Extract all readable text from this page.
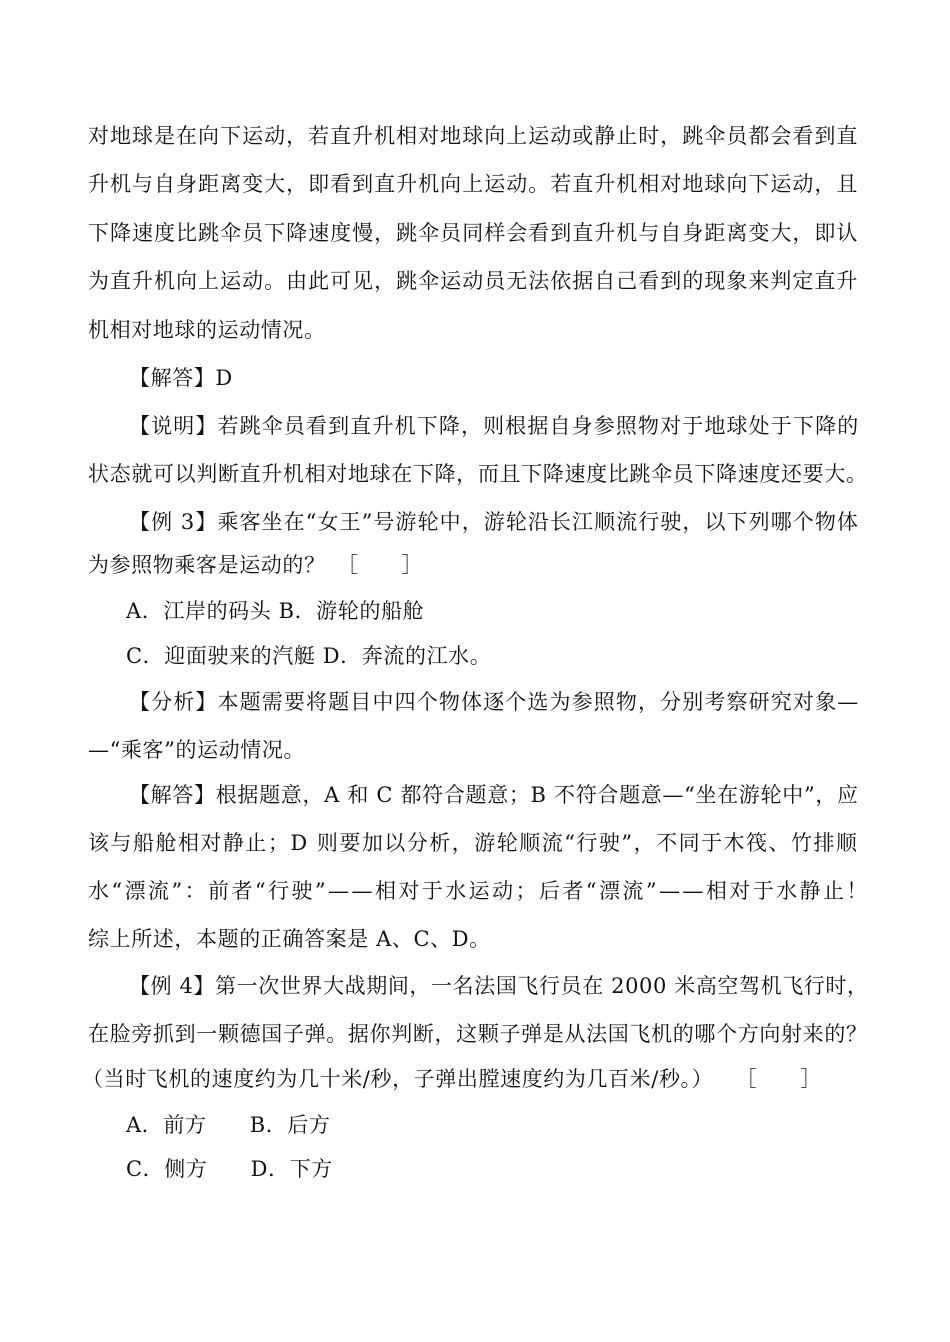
对地球是在向下运动，若直升机相对地球向上运动或静止时，跳伞员都会看到直
升机与自身距离变大，即看到直升机向上运动。若直升机相对地球向下运动，且
下降速度比跳伞员下降速度慢，跳伞员同样会看到直升机与自身距离变大，即认
为直升机向上运动。由此可见，跳伞运动员无法依据自己看到的现象来判定直升
机相对地球的运动情况。
【解答】D
【说明】若跳伞员看到直升机下降，则根据自身参照物对于地球处于下降的
状态就可以判断直升机相对地球在下降，而且下降速度比跳伞员下降速度还要大。
【例 3】乘客坐在“女王”号游轮中，游轮沿长江顺流行驶，以下列哪个物体
为参照物乘客是运动的？　［　　］
A．江岸的码头 B．游轮的船舱
C．迎面驶来的汽艇 D．奔流的江水。
【分析】本题需要将题目中四个物体逐个选为参照物，分别考察研究对象—
—“乘客”的运动情况。
【解答】根据题意，A 和 C 都符合题意；B 不符合题意—“坐在游轮中”，应
该与船舱相对静止；D 则要加以分析，游轮顺流“行驶”，不同于木筏、竹排顺
水“漂流”：前者“行驶”——相对于水运动；后者“漂流”——相对于水静止！
综上所述，本题的正确答案是 A、C、D。
【例 4】第一次世界大战期间，一名法国飞行员在 2000 米高空驾机飞行时，
在脸旁抓到一颗德国子弹。据你判断，这颗子弹是从法国飞机的哪个方向射来的？
（当时飞机的速度约为几十米/秒，子弹出膛速度约为几百米/秒。）　　［　　］
A．前方　　B．后方
C．侧方　　D．下方
